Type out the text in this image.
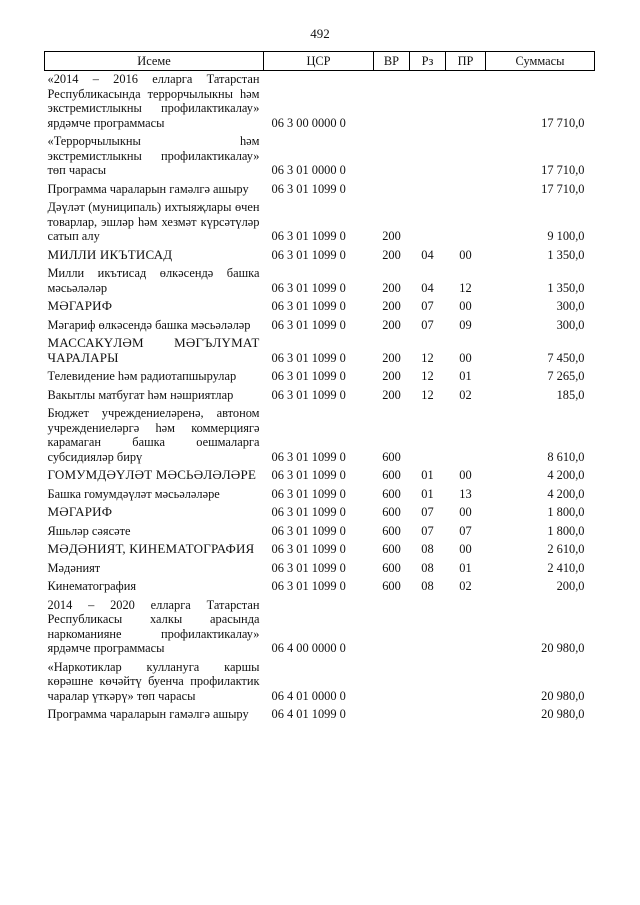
492
Исеме	ЦСР	ВР	Рз	ПР	Суммасы
«2014 – 2016 елларга Татарстан Республикасында террорчылыкны һәм экстремистлыкны профилактикалау» ярдәмче программасы	06 3 00 0000 0				17 710,0
«Террорчылыкны һәм экстремистлыкны профилактикалау» төп чарасы	06 3 01 0000 0				17 710,0
Программа чараларын гамәлгә ашыру	06 3 01 1099 0				17 710,0
Дәүләт (муниципаль) ихтыяҗлары өчен товарлар, эшләр һәм хезмәт күрсәтүләр сатып алу	06 3 01 1099 0	200			9 100,0
МИЛЛИ ИКЪТИСАД	06 3 01 1099 0	200	04	00	1 350,0
Милли икътисад өлкәсендә башка мәсьәләләр	06 3 01 1099 0	200	04	12	1 350,0
МӘГАРИФ	06 3 01 1099 0	200	07	00	300,0
Мәгариф өлкәсендә башка мәсьәләләр	06 3 01 1099 0	200	07	09	300,0
МАССАКҮЛӘМ МӘГЪЛҮМАТ ЧАРАЛАРЫ	06 3 01 1099 0	200	12	00	7 450,0
Телевидение һәм радиотапшырулар	06 3 01 1099 0	200	12	01	7 265,0
Вакытлы матбугат һәм нәшриятлар	06 3 01 1099 0	200	12	02	185,0
Бюджет учреждениеләренә, автоном учреждениеләргә һәм коммерциягә карамаган башка оешмаларга субсидияләр бирү	06 3 01 1099 0	600			8 610,0
ГОМУМДӘҮЛӘТ МӘСЬӘЛӘЛӘРЕ	06 3 01 1099 0	600	01	00	4 200,0
Башка гомумдәүләт мәсьәләләре	06 3 01 1099 0	600	01	13	4 200,0
МӘГАРИФ	06 3 01 1099 0	600	07	00	1 800,0
Яшьләр сәясәте	06 3 01 1099 0	600	07	07	1 800,0
МӘДӘНИЯТ, КИНЕМАТОГРАФИЯ	06 3 01 1099 0	600	08	00	2 610,0
Мәдәният	06 3 01 1099 0	600	08	01	2 410,0
Кинематография	06 3 01 1099 0	600	08	02	200,0
2014 – 2020 елларга Татарстан Республикасы халкы арасында наркоманияне профилактикалау» ярдәмче программасы	06 4 00 0000 0				20 980,0
«Наркотиклар куллануга каршы көрәшне көчәйтү буенча профилактик чаралар үткәрү» төп чарасы	06 4 01 0000 0				20 980,0
Программа чараларын гамәлгә ашыру	06 4 01 1099 0				20 980,0
